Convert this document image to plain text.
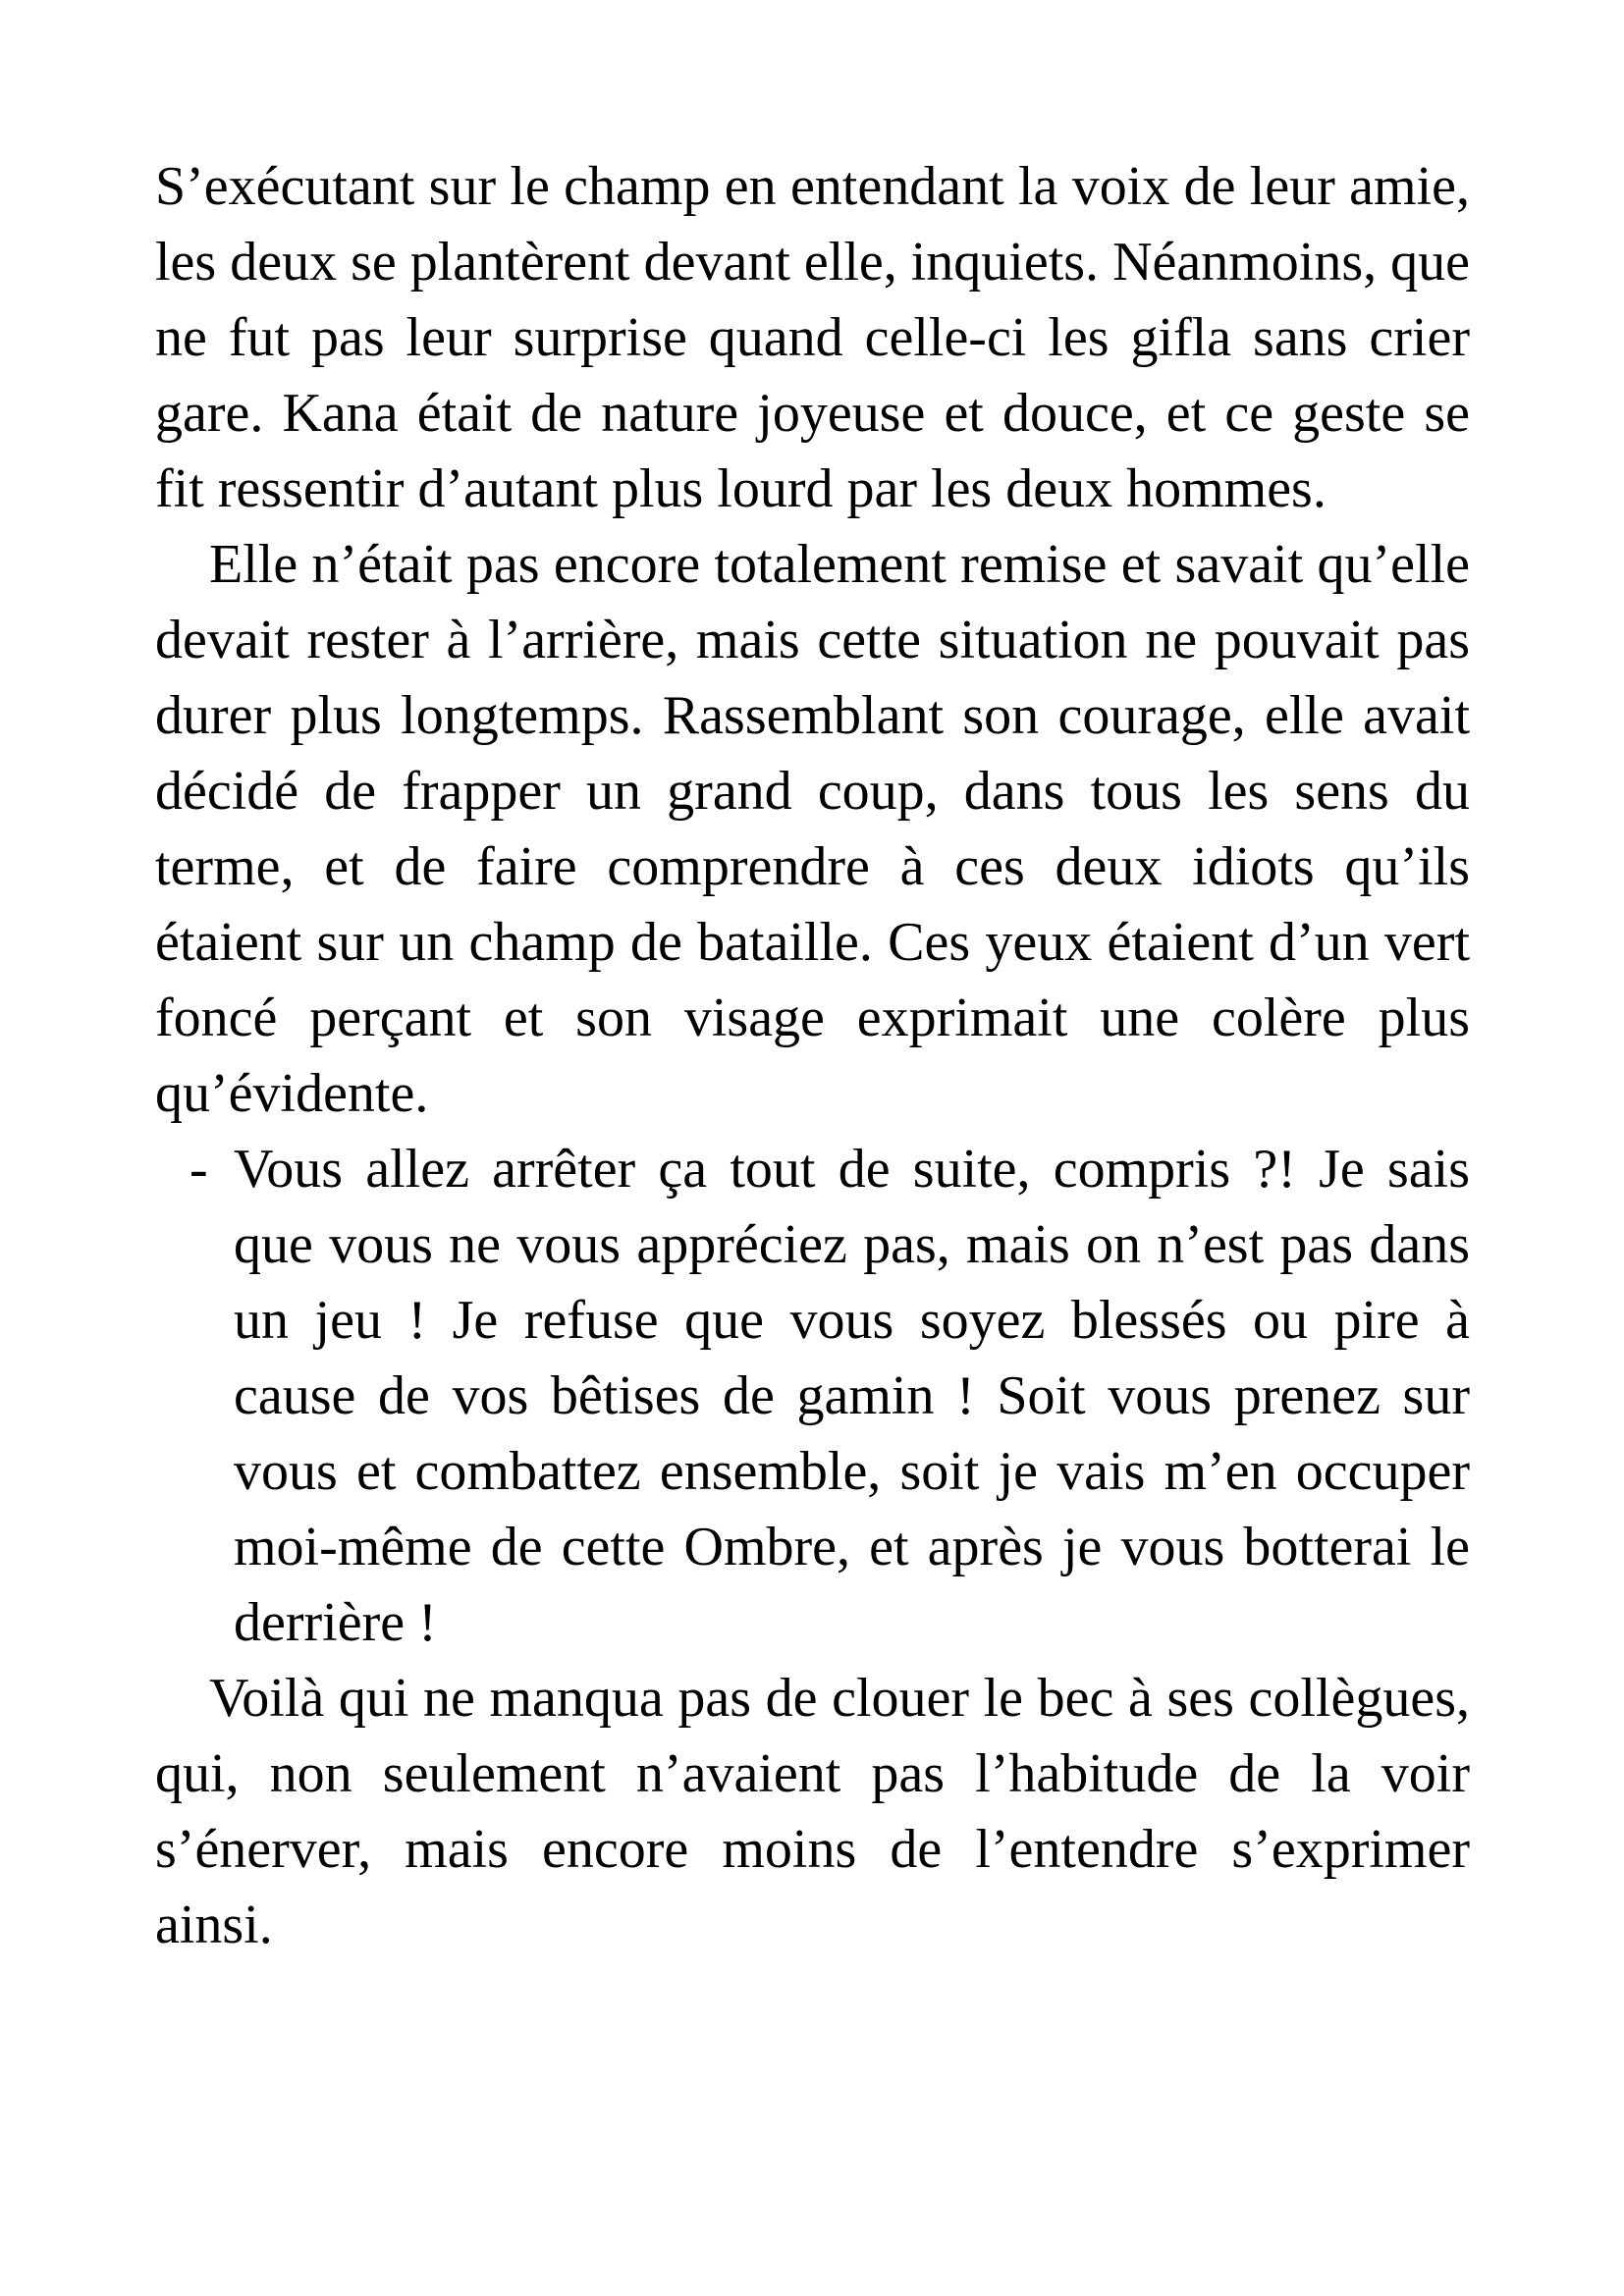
S’exécutant sur le champ en entendant la voix de leur amie, les deux se plantèrent devant elle, inquiets. Néanmoins, que ne fut pas leur surprise quand celle-ci les gifla sans crier gare. Kana était de nature joyeuse et douce, et ce geste se fit ressentir d’autant plus lourd par les deux hommes.

Elle n’était pas encore totalement remise et savait qu’elle devait rester à l’arrière, mais cette situation ne pouvait pas durer plus longtemps. Rassemblant son courage, elle avait décidé de frapper un grand coup, dans tous les sens du terme, et de faire comprendre à ces deux idiots qu’ils étaient sur un champ de bataille. Ces yeux étaient d’un vert foncé perçant et son visage exprimait une colère plus qu’évidente.

- Vous allez arrêter ça tout de suite, compris ?! Je sais que vous ne vous appréciez pas, mais on n’est pas dans un jeu ! Je refuse que vous soyez blessés ou pire à cause de vos bêtises de gamin ! Soit vous prenez sur vous et combattez ensemble, soit je vais m’en occuper moi-même de cette Ombre, et après je vous botterai le derrière !

Voilà qui ne manqua pas de clouer le bec à ses collègues, qui, non seulement n’avaient pas l’habitude de la voir s’énerver, mais encore moins de l’entendre s’exprimer ainsi.
